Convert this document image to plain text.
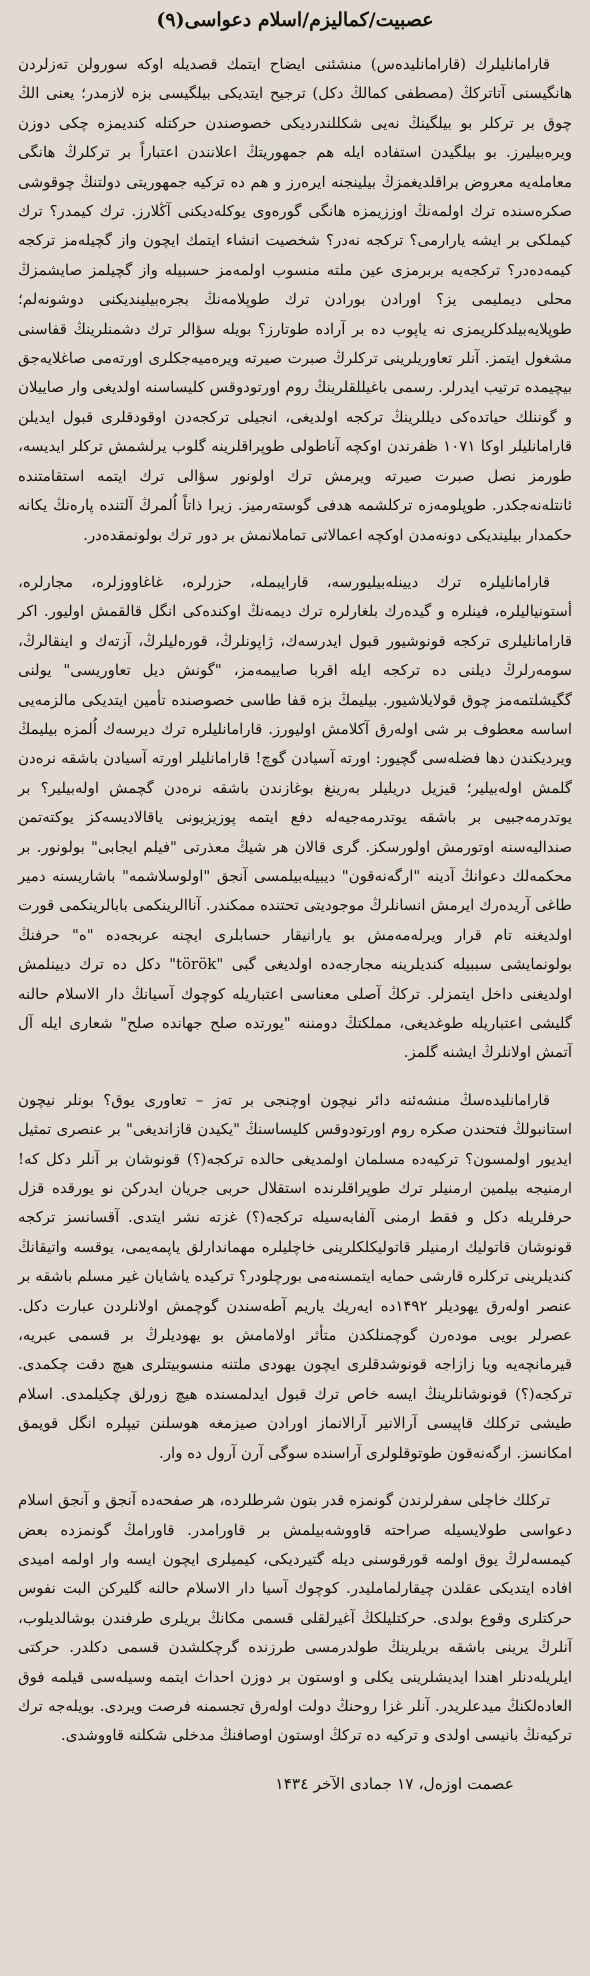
عصبیت/کمالیزم/اسلام دعواسی(۹)

قارامانلیلرك (قارامانلیدەس) منشئنی ایضاح ایتمك قصدیله اوكە سورولن تەزلردن هانگیسنی آتاترکڭ (مصطفی کمالڭ دکل) ترجیح ایتدیکی بیلگیسی بزه لازمدر؛ یعنی الڭ چوق بر ترکلر بو بیلگینڭ نەیی شکللندردیکی خصوصندن حرکتله کندیمزه چکی دوزن ویرەبیلیرز. بو بیلگیدن استفاده ایله هم جمهوریتڭ اعلانندن اعتباراً بر ترکلرڭ هانگی معامله‌یه معروض براقلدیغمزڭ بیلینجنه ایرەرز و هم ده ترکیه جمهوریتی دولتنڭ چوقوشی صکره‌سنده ترك اولمەنڭ اوززیمزه هانگی گوره‌وی یوکله‌دیکنی آڭلارز. ترك کیمدر؟ ترك کیملکی بر ایشه یارارمی؟ ترکجه نەدر؟ شخصیت انشاء ایتمك ایچون واز گچیلەمز ترکجه کیمەدەدر؟ ترکجه‌یه بربرمزی عین ملته منسوب اولمەمز حسبیله واز گچیلمز صایشمزڭ محلی دیملیمی یز؟ اورادن بورادن ترك طوپلامەنڭ بجرەبیلیندیکنی دوشونەلم؛ طوپلایەبیلدکلریمزی نه یاپوب ده بر آراده طوتارز؟ بویله سؤالر ترك دشمنلرینڭ قفاسنی مشغول ایتمز. آنلر تعاوریلرینی ترکلرڭ صبرت صیرته ویره‌میه‌جکلری اورتەمی صاغلایەجق بیچیمده ترتیب ایدرلر. رسمی باغیللقلرینڭ روم اورتودوقس کلیساسنه اولدیغی وار صاییلان و گوننلك حیاتده‌کی دیللرینڭ ترکجه اولدیغی، انجیلی ترکجەدن اوقودقلری قبول ایدیلن قارامانلیلر اوکا ۱۰۷۱ ظفرندن اوکچه آناطولی طوپراقلرینه گلوب یرلشمش ترکلر ایدیسه، طورمز نصل صبرت صیرته ویرمش ترك اولونور سؤالی ترك ایتمه استقامتنده ئانتلەنەجکدر. طوپلومەزه ترکلشمه هدفی گوستەرمیز. زیرا ذاتاً اُلمرڭ آلتنده پارەنڭ یکانه حکمدار بیلیندیکی دونەمدن اوکچه اعمالاتی تماملانمش بر دور ترك بولونمقدەدر.

قارامانلیلره ترك دیینله‌بیلیورسه، قارایبمله، حزرلره، غاغاووزلره، مجارلره، أستونیالیلره، فینلره و گیده‌رك بلغارلره ترك دیمەنڭ اوکنده‌کی انگل قالقمش اولیور. اکر قارامانلیلری ترکجه قونوشیور قبول ایدرسه‌ك، ژاپونلرڭ، قورەلیلرڭ، آزتەك و اینقالرڭ، سومەرلرڭ دیلنی ده ترکجه ایله اقربا صاییمەمز، "گونش دیل تعاوریسی" یولنی گگیشلتمەمز چوق قولایلاشیور. بیلیمڭ بزه قفا طاسی خصوصنده تأمین ایتدیکی مالزمەیی اساسه معطوف بر شی اولەرق آکلامش اولیورز. قارامانلیلره ترك دیرسه‌ك اُلمزه بیلیمڭ ویردیکندن دها فضلەسی گچیور: اورته آسیادن گوچ! قارامانلیلر اورته آسیادن باشقه نرەدن گلمش اولەبیلیر؛ قیزیل دریلیلر بەرینغ بوغازندن باشقه نرەدن گچمش اولەبیلیر؟ بر یوتدرمەجبیی بر باشقه یوتدرمەجیەله دفع ایتمه پوزیزیونی یاقالادیسەکز یوکتەتمن صندالیەسنه اوتورمش اولورسکز. گری قالان هر شیڭ معذرتی "فیلم ایجابی" بولونور. بر محکمەلك دعوانڭ آدینه "ارگەنەقون" دیبیله‌بیلمسی آنجق "اولوسلاشمه" باشاریسنه دمیر طاغی آریده‌رك ایرمش انسانلرڭ موجودیتی تحتنده ممکندر. آناالرینکمی بابالرینکمی قورت اولدیغنه تام قرار ویرلەمەمش بو یارانیقار حسابلری ایچنه عربجەده "ه" حرفنڭ بولونمایشی سببیله کندیلرینه مجارجەده اولدیغی گبی "török" دکل ده ترك دیینلمش اولدیغنی داخل ایتمزلر. ترکڭ آصلی معناسی اعتباریله کوچوك آسیانڭ دار الاسلام حالنه گلیشی اعتباریله طوغدیغی، مملکتڭ دومننه "یورتده صلح جهانده صلح" شعاری ایله آل آتمش اولانلرڭ ایشنه گلمز.

قارامانلیده‌سڭ منشەئنه دائر نیچون اوچنجی بر تەز – تعاوری یوق؟ بونلر نیچون استانبولڭ فتحندن صکره روم اورتودوقس کلیساسنڭ "یکیدن قازاندیغی" بر عنصری تمثیل ایدیور اولمسون؟ ترکیەده مسلمان اولمدیغی حالده ترکجه(؟) قونوشان بر آنلر دکل که! ارمنیجه بیلمین ارمنیلر ترك طوپراقلرنده استقلال حربی جریان ایدرکن نو یورقده قزل حرفلریله دکل و فقط ارمنی آلفابه‌سیله ترکجه(؟) غزته نشر ایتدی. آقسانسز ترکجه قونوشان قاتولیك ارمنیلر قاتولیکلکلرینی خاچلیلره مهماندارلق یاپمەیمی، یوقسه واتیقانڭ کندیلرینی ترکلره قارشی حمایه ایتمسنەمی بورچلودر؟ ترکیده یاشایان غیر مسلم باشقه بر عنصر اولەرق یهودیلر ۱۴۹۲ده ایەریك یاریم آطەسندن گوچمش اولانلردن عبارت دکل. عصرلر بویی موده‌رن گوچمنلکدن متأثر اولامامش بو یهودیلرڭ بر قسمی عبریه، قیرمانچەیه ویا زازاجه قونوشدقلری ایچون یهودی ملتنه منسوبیتلری هیچ دقت چکمدی. ترکجه(؟) قونوشانلرینڭ ایسه خاص ترك قبول ایدلمسنده هیچ زورلق چکیلمدی. اسلام طیشی ترکلك قاپیسی آرالانیر آرالانماز اورادن صیزمغه هوسلنن تیپلره انگل قویمق امکانسز. ارگەنەقون طوتوقلولری آراسنده سوگی آرن آرول ده وار.

ترکلك خاچلی سفرلرندن گونمزه قدر بتون شرطلرده، هر صفحەده آنجق و آنجق اسلام دعواسی طولایسیله صراحته قاووشه‌بیلمش بر قاورامدر. قاورامڭ گونمزده بعض کیمسەلرڭ یوق اولمه قورقوسنی دیله گتیردیکی، کیمیلری ایچون ایسه وار اولمه امیدی افاده ایتدیکی عقلدن چیقارلمامليدر. کوچوك آسیا دار الاسلام حالنه گلیرکن البت نفوس حرکتلری وقوع بولدی. حرکتلیلكڭ آغیرلقلی قسمی مکانڭ بریلری طرفندن بوشالدیلوب، آنلرڭ یرینی باشقه بریلرینڭ طولدرمسی طرزنده گرچکلشدن قسمی دکلدر. حرکتی ایلریلەدنلر اهندا ایدیشلرینی یکلی و اوستون بر دوزن احداث ایتمه وسیلەسی قیلمه فوق العادەلکنڭ میدعلریدر. آنلر غزا روحنڭ دولت اولەرق تجسمنه فرصت ویردی. بویلەجه ترك ترکیەنڭ بانیسی اولدی و ترکیه ده ترکڭ اوستون اوصافنڭ مدخلی شکلنه قاووشدی.

عصمت اوزەل، ۱۷ جمادی الآخر ۱۴۳٤
